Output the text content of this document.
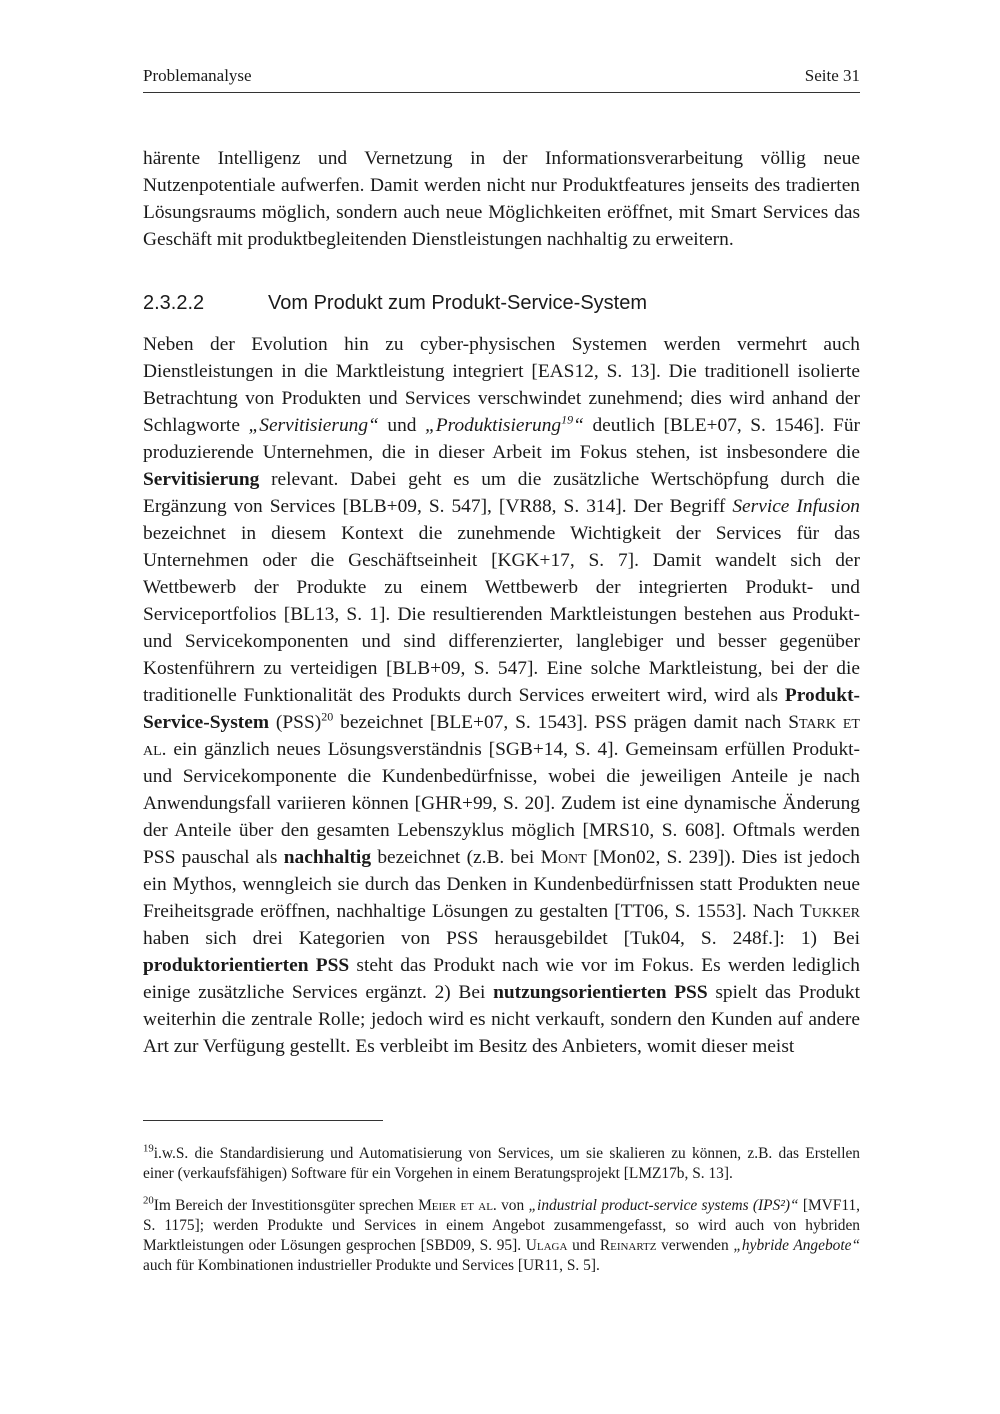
Problemanalyse	Seite 31

härente Intelligenz und Vernetzung in der Informationsverarbeitung völlig neue Nutzenpotentiale aufwerfen. Damit werden nicht nur Produktfeatures jenseits des tradierten Lösungsraums möglich, sondern auch neue Möglichkeiten eröffnet, mit Smart Services das Geschäft mit produktbegleitenden Dienstleistungen nachhaltig zu erweitern.

2.3.2.2	Vom Produkt zum Produkt-Service-System

Neben der Evolution hin zu cyber-physischen Systemen werden vermehrt auch Dienstleistungen in die Marktleistung integriert [EAS12, S. 13]. Die traditionell isolierte Betrachtung von Produkten und Services verschwindet zunehmend; dies wird anhand der Schlagworte „Servitisierung“ und „Produktisierung$^{19}$“ deutlich [BLE+07, S. 1546]. Für produzierende Unternehmen, die in dieser Arbeit im Fokus stehen, ist insbesondere die Servitisierung relevant. Dabei geht es um die zusätzliche Wertschöpfung durch die Ergänzung von Services [BLB+09, S. 547], [VR88, S. 314]. Der Begriff Service Infusion bezeichnet in diesem Kontext die zunehmende Wichtigkeit der Services für das Unternehmen oder die Geschäftseinheit [KGK+17, S. 7]. Damit wandelt sich der Wettbewerb der Produkte zu einem Wettbewerb der integrierten Produkt- und Serviceportfolios [BL13, S. 1]. Die resultierenden Marktleistungen bestehen aus Produkt- und Servicekomponenten und sind differenzierter, langlebiger und besser gegenüber Kostenführern zu verteidigen [BLB+09, S. 547]. Eine solche Marktleistung, bei der die traditionelle Funktionalität des Produkts durch Services erweitert wird, wird als Produkt-Service-System (PSS)$^{20}$ bezeichnet [BLE+07, S. 1543]. PSS prägen damit nach Stark et al. ein gänzlich neues Lösungsverständnis [SGB+14, S. 4]. Gemeinsam erfüllen Produkt- und Servicekomponente die Kundenbedürfnisse, wobei die jeweiligen Anteile je nach Anwendungsfall variieren können [GHR+99, S. 20]. Zudem ist eine dynamische Änderung der Anteile über den gesamten Lebenszyklus möglich [MRS10, S. 608]. Oftmals werden PSS pauschal als nachhaltig bezeichnet (z.B. bei Mont [Mon02, S. 239]). Dies ist jedoch ein Mythos, wenngleich sie durch das Denken in Kundenbedürfnissen statt Produkten neue Freiheitsgrade eröffnen, nachhaltige Lösungen zu gestalten [TT06, S. 1553]. Nach Tukker haben sich drei Kategorien von PSS herausgebildet [Tuk04, S. 248f.]: 1) Bei produktorientierten PSS steht das Produkt nach wie vor im Fokus. Es werden lediglich einige zusätzliche Services ergänzt. 2) Bei nutzungsorientierten PSS spielt das Produkt weiterhin die zentrale Rolle; jedoch wird es nicht verkauft, sondern den Kunden auf andere Art zur Verfügung gestellt. Es verbleibt im Besitz des Anbieters, womit dieser meist

$^{19}$i.w.S. die Standardisierung und Automatisierung von Services, um sie skalieren zu können, z.B. das Erstellen einer (verkaufsfähigen) Software für ein Vorgehen in einem Beratungsprojekt [LMZ17b, S. 13].

$^{20}$Im Bereich der Investitionsgüter sprechen Meier et al. von „industrial product-service systems (IPS²)“ [MVF11, S. 1175]; werden Produkte und Services in einem Angebot zusammengefasst, so wird auch von hybriden Marktleistungen oder Lösungen gesprochen [SBD09, S. 95]. Ulaga und Reinartz verwenden „hybride Angebote“ auch für Kombinationen industrieller Produkte und Services [UR11, S. 5].
